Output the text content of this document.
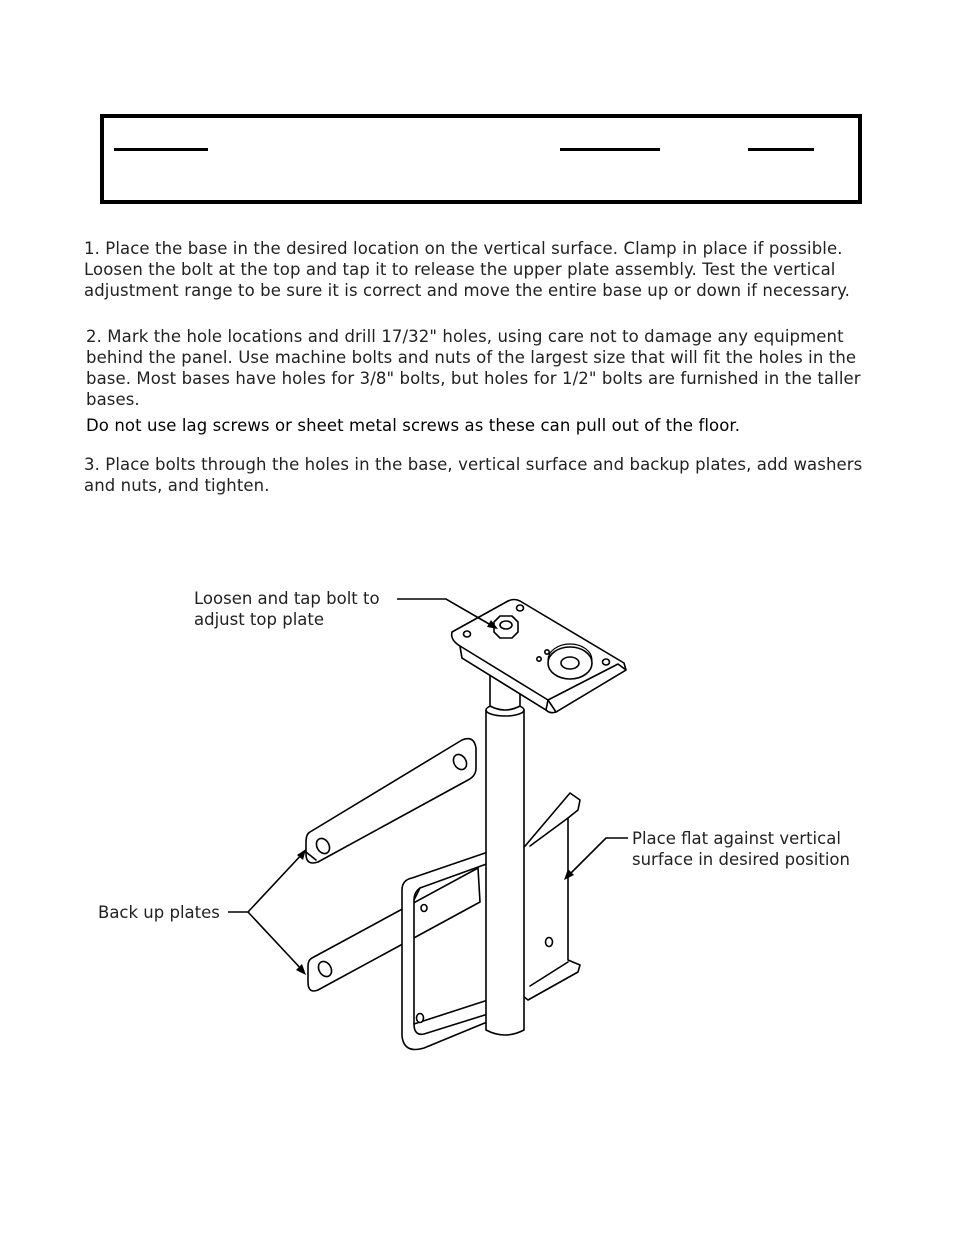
1. Place the base in the desired location on the vertical surface. Clamp in place if possible. Loosen the bolt at the top and tap it to release the upper plate assembly. Test the vertical adjustment range to be sure it is correct and move the entire base up or down if necessary.

2. Mark the hole locations and drill 17/32" holes, using care not to damage any equipment behind the panel. Use machine bolts and nuts of the largest size that will fit the holes in the base. Most bases have holes for 3/8" bolts, but holes for 1/2" bolts are furnished in the taller bases.

Do not use lag screws or sheet metal screws as these can pull out of the floor.

3. Place bolts through the holes in the base, vertical surface and backup plates, add washers and nuts, and tighten.

Loosen and tap bolt to
adjust top plate
Place flat against vertical
surface in desired position
Back up plates
